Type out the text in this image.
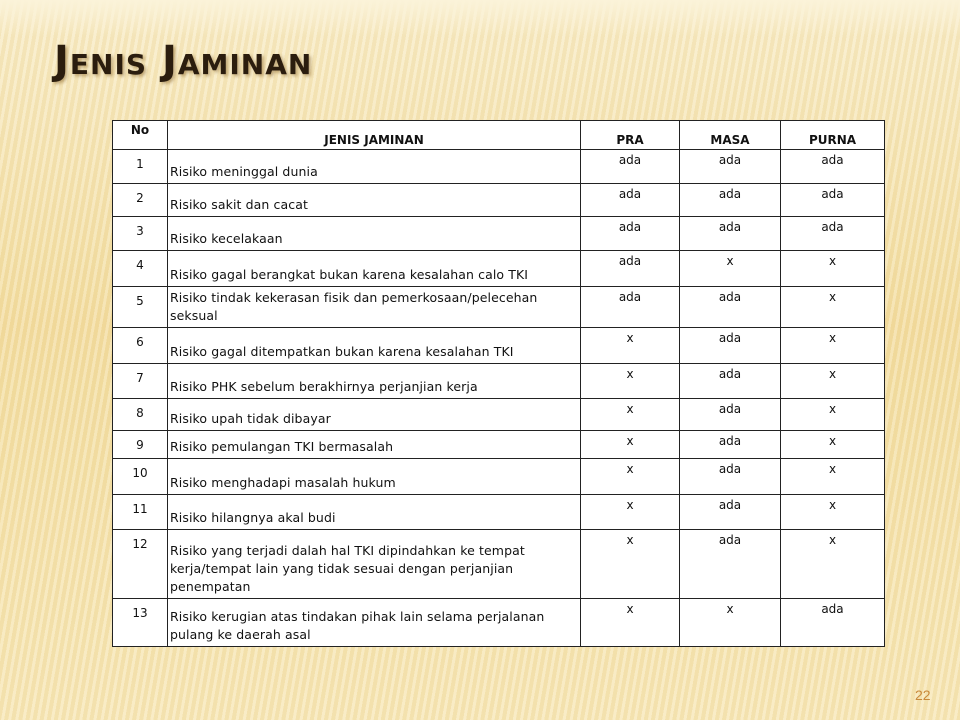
Jenis Jaminan
No	JENIS JAMINAN	PRA	MASA	PURNA
1	Risiko meninggal dunia	ada	ada	ada
2	Risiko sakit dan cacat	ada	ada	ada
3	Risiko kecelakaan	ada	ada	ada
4	Risiko gagal berangkat bukan karena kesalahan calo TKI	ada	x	x
5	Risiko tindak kekerasan fisik dan pemerkosaan/pelecehan seksual	ada	ada	x
6	Risiko gagal ditempatkan bukan karena kesalahan TKI	x	ada	x
7	Risiko PHK sebelum berakhirnya perjanjian kerja	x	ada	x
8	Risiko upah tidak dibayar	x	ada	x
9	Risiko pemulangan TKI bermasalah	x	ada	x
10	Risiko menghadapi masalah hukum	x	ada	x
11	Risiko hilangnya akal budi	x	ada	x
12	Risiko yang terjadi dalah hal TKI dipindahkan ke tempat kerja/tempat lain yang tidak sesuai dengan perjanjian penempatan	x	ada	x
13	Risiko kerugian atas tindakan pihak lain selama perjalanan pulang ke daerah asal	x	x	ada
22
